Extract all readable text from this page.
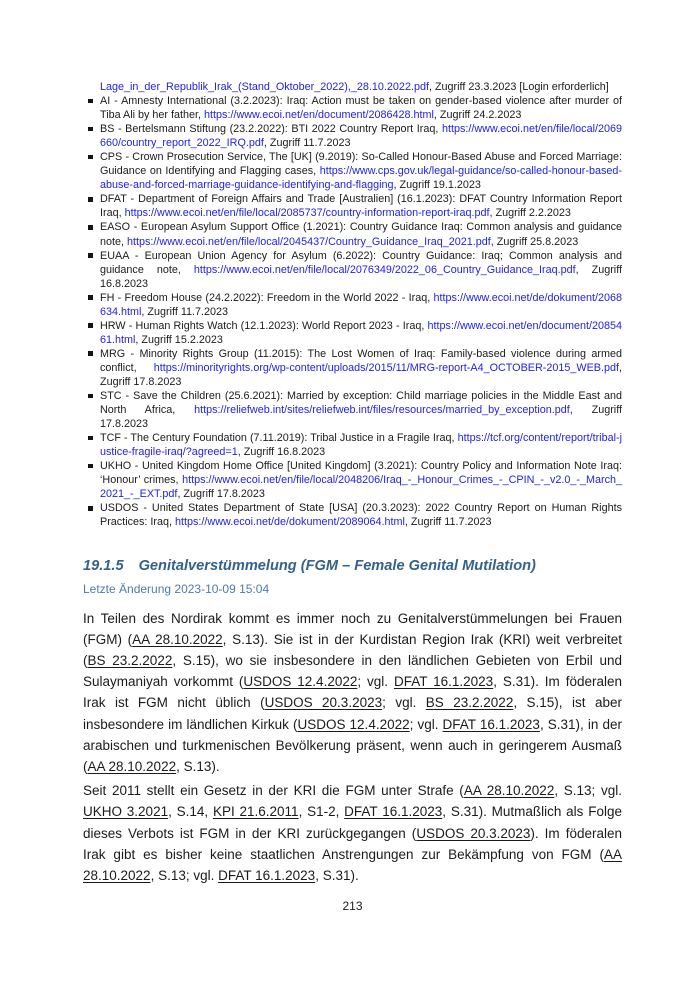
Lage_in_der_Republik_Irak_(Stand_Oktober_2022),_28.10.2022.pdf, Zugriff 23.3.2023 [Login erforderlich]
AI - Amnesty International (3.2.2023): Iraq: Action must be taken on gender-based violence after murder of Tiba Ali by her father, https://www.ecoi.net/en/document/2086428.html, Zugriff 24.2.2023
BS - Bertelsmann Stiftung (23.2.2022): BTI 2022 Country Report Iraq, https://www.ecoi.net/en/file/local/2069660/country_report_2022_IRQ.pdf, Zugriff 11.7.2023
CPS - Crown Prosecution Service, The [UK] (9.2019): So-Called Honour-Based Abuse and Forced Marriage: Guidance on Identifying and Flagging cases, https://www.cps.gov.uk/legal-guidance/so-called-honour-based-abuse-and-forced-marriage-guidance-identifying-and-flagging, Zugriff 19.1.2023
DFAT - Department of Foreign Affairs and Trade [Australien] (16.1.2023): DFAT Country Information Report Iraq, https://www.ecoi.net/en/file/local/2085737/country-information-report-iraq.pdf, Zugriff 2.2.2023
EASO - European Asylum Support Office (1.2021): Country Guidance Iraq: Common analysis and guidance note, https://www.ecoi.net/en/file/local/2045437/Country_Guidance_Iraq_2021.pdf, Zugriff 25.8.2023
EUAA - European Union Agency for Asylum (6.2022): Country Guidance: Iraq; Common analysis and guidance note, https://www.ecoi.net/en/file/local/2076349/2022_06_Country_Guidance_Iraq.pdf, Zugriff 16.8.2023
FH - Freedom House (24.2.2022): Freedom in the World 2022 - Iraq, https://www.ecoi.net/de/dokument/2068634.html, Zugriff 11.7.2023
HRW - Human Rights Watch (12.1.2023): World Report 2023 - Iraq, https://www.ecoi.net/en/document/2085461.html, Zugriff 15.2.2023
MRG - Minority Rights Group (11.2015): The Lost Women of Iraq: Family-based violence during armed conflict, https://minorityrights.org/wp-content/uploads/2015/11/MRG-report-A4_OCTOBER-2015_WEB.pdf, Zugriff 17.8.2023
STC - Save the Children (25.6.2021): Married by exception: Child marriage policies in the Middle East and North Africa, https://reliefweb.int/sites/reliefweb.int/files/resources/married_by_exception.pdf, Zugriff 17.8.2023
TCF - The Century Foundation (7.11.2019): Tribal Justice in a Fragile Iraq, https://tcf.org/content/report/tribal-justice-fragile-iraq/?agreed=1, Zugriff 16.8.2023
UKHO - United Kingdom Home Office [United Kingdom] (3.2021): Country Policy and Information Note Iraq: ‘Honour’ crimes, https://www.ecoi.net/en/file/local/2048206/Iraq_-_Honour_Crimes_-_CPIN_-_v2.0_-_March_2021_-_EXT.pdf, Zugriff 17.8.2023
USDOS - United States Department of State [USA] (20.3.2023): 2022 Country Report on Human Rights Practices: Iraq, https://www.ecoi.net/de/dokument/2089064.html, Zugriff 11.7.2023
19.1.5 Genitalverstümmelung (FGM – Female Genital Mutilation)
Letzte Änderung 2023-10-09 15:04

In Teilen des Nordirak kommt es immer noch zu Genitalverstümmelungen bei Frauen (FGM) (AA 28.10.2022, S.13). Sie ist in der Kurdistan Region Irak (KRI) weit verbreitet (BS 23.2.2022, S.15), wo sie insbesondere in den ländlichen Gebieten von Erbil und Sulaymaniyah vorkommt (USDOS 12.4.2022; vgl. DFAT 16.1.2023, S.31). Im föderalen Irak ist FGM nicht üblich (USDOS 20.3.2023; vgl. BS 23.2.2022, S.15), ist aber insbesondere im ländlichen Kirkuk (USDOS 12.4.2022; vgl. DFAT 16.1.2023, S.31), in der arabischen und turkmenischen Bevölkerung präsent, wenn auch in geringerem Ausmaß (AA 28.10.2022, S.13).

Seit 2011 stellt ein Gesetz in der KRI die FGM unter Strafe (AA 28.10.2022, S.13; vgl. UKHO 3.2021, S.14, KPI 21.6.2011, S1-2, DFAT 16.1.2023, S.31). Mutmaßlich als Folge dieses Verbots ist FGM in der KRI zurückgegangen (USDOS 20.3.2023). Im föderalen Irak gibt es bisher keine staatlichen Anstrengungen zur Bekämpfung von FGM (AA 28.10.2022, S.13; vgl. DFAT 16.1.2023, S.31).

213
